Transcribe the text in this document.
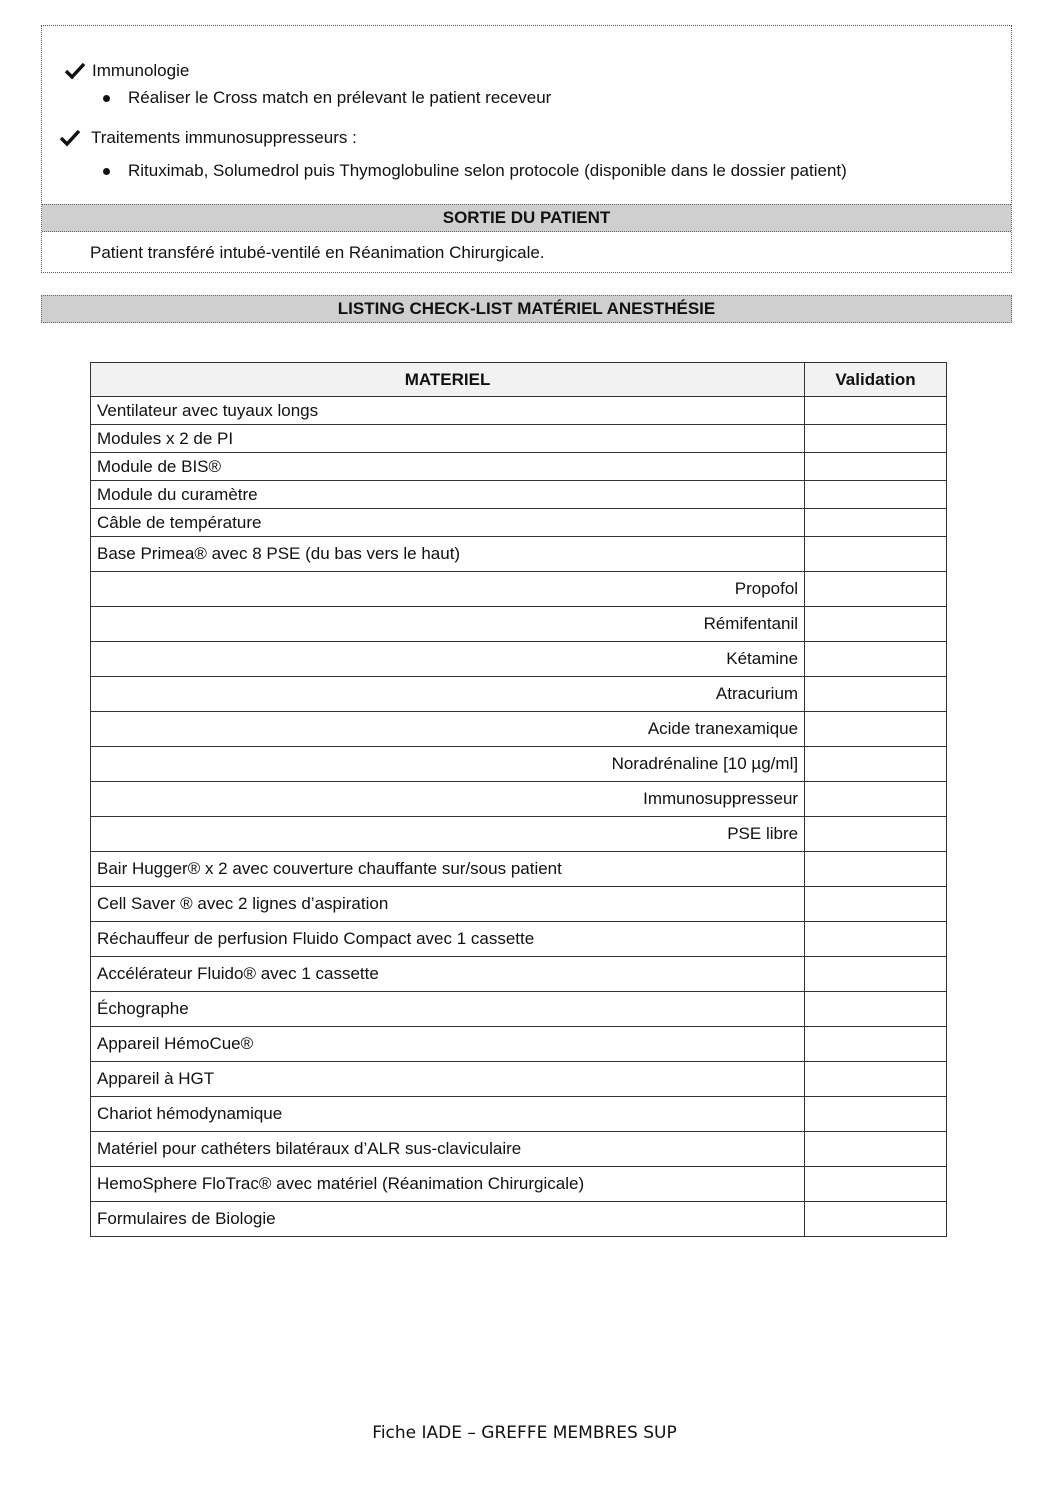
Immunologie
Réaliser le Cross match en prélevant le patient receveur
Traitements immunosuppresseurs :
Rituximab, Solumedrol puis Thymoglobuline selon protocole (disponible dans le dossier patient)
SORTIE DU PATIENT
Patient transféré intubé-ventilé en Réanimation Chirurgicale.
LISTING CHECK-LIST MATÉRIEL ANESTHÉSIE
MATERIEL	Validation
Ventilateur avec tuyaux longs	
Modules x 2 de PI	
Module de BIS®	
Module du curamètre	
Câble de température	
Base Primea® avec 8 PSE (du bas vers le haut)	
Propofol	
Rémifentanil	
Kétamine	
Atracurium	
Acide tranexamique	
Noradrénaline [10 µg/ml]	
Immunosuppresseur	
PSE libre	
Bair Hugger® x 2 avec couverture chauffante sur/sous patient	
Cell Saver ® avec 2 lignes d’aspiration	
Réchauffeur de perfusion Fluido Compact avec 1 cassette	
Accélérateur Fluido® avec 1 cassette	
Échographe	
Appareil HémoCue®	
Appareil à HGT	
Chariot hémodynamique	
Matériel pour cathéters bilatéraux d’ALR sus-claviculaire	
HemoSphere FloTrac® avec matériel (Réanimation Chirurgicale)	
Formulaires de Biologie	
Fiche IADE – GREFFE MEMBRES SUP
